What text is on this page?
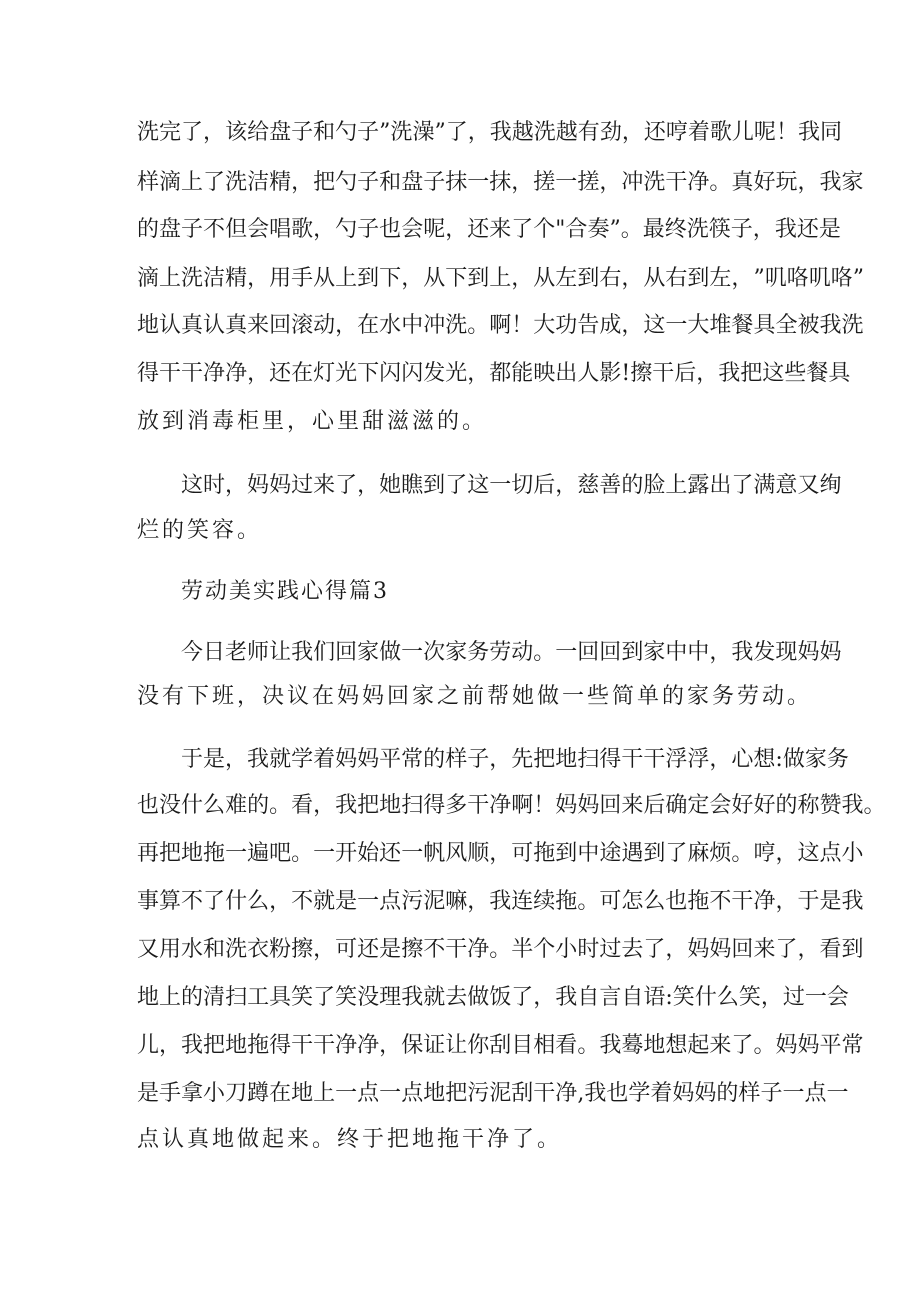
洗 完 了 ， 该 给 盘 子 和 勺 子 ” 洗 澡 ” 了 ， 我 越 洗 越 有 劲 ， 还 哼 着 歌 儿 呢 ！ 我 同
样 滴 上 了 洗 洁 精 ， 把 勺 子 和 盘 子 抹 一 抹 ， 搓 一 搓 ， 冲 洗 干 净 。 真 好 玩 ， 我 家
的 盘 子 不 但 会 唱 歌 ， 勺 子 也 会 呢 ， 还 来 了 个 " 合 奏 ” 。 最 终 洗 筷 子 ， 我 还 是
滴 上 洗 洁 精 ， 用 手 从 上 到 下 ， 从 下 到 上 ， 从 左 到 右 ， 从 右 到 左 ， ” 叽 咯 叽 咯 ”
地 认 真 认 真 来 回 滚 动 ， 在 水 中 冲 洗 。 啊 ！ 大 功 告 成 ， 这 一 大 堆 餐 具 全 被 我 洗
得 干 干 净 净 ， 还 在 灯 光 下 闪 闪 发 光 ， 都 能 映 出 人 影 ! 擦 干 后 ， 我 把 这 些 餐 具
放到消毒柜里，心里甜滋滋的。
这 时 ， 妈 妈 过 来 了 ， 她 瞧 到 了 这 一 切 后 ， 慈 善 的 脸 上 露 出 了 满 意 又 绚
烂的笑容。
劳动美实践心得篇3
今 日 老 师 让 我 们 回 家 做 一 次 家 务 劳 动 。 一 回 回 到 家 中 中 ， 我 发 现 妈 妈
没有下班，决议在妈妈回家之前帮她做一些简单的家务劳动。
于 是 ， 我 就 学 着 妈 妈 平 常 的 样 子 ， 先 把 地 扫 得 干 干 浮 浮 ， 心 想 : 做 家 务
也 没 什 么 难 的 。 看 ， 我 把 地 扫 得 多 干 净 啊 ！ 妈 妈 回 来 后 确 定 会 好 好 的 称 赞 我 。
再 把 地 拖 一 遍 吧 。 一 开 始 还 一 帆 风 顺 ， 可 拖 到 中 途 遇 到 了 麻 烦 。 哼 ， 这 点 小
事 算 不 了 什 么 ， 不 就 是 一 点 污 泥 嘛 ， 我 连 续 拖 。 可 怎 么 也 拖 不 干 净 ， 于 是 我
又 用 水 和 洗 衣 粉 擦 ， 可 还 是 擦 不 干 净 。 半 个 小 时 过 去 了 ， 妈 妈 回 来 了 ， 看 到
地 上 的 清 扫 工 具 笑 了 笑 没 理 我 就 去 做 饭 了 ， 我 自 言 自 语 : 笑 什 么 笑 ， 过 一 会
儿 ， 我 把 地 拖 得 干 干 净 净 ， 保 证 让 你 刮 目 相 看 。 我 蓦 地 想 起 来 了 。 妈 妈 平 常
是 手 拿 小 刀 蹲 在 地 上 一 点 一 点 地 把 污 泥 刮 干 净 , 我 也 学 着 妈 妈 的 样 子 一 点 一
点认真地做起来。终于把地拖干净了。
